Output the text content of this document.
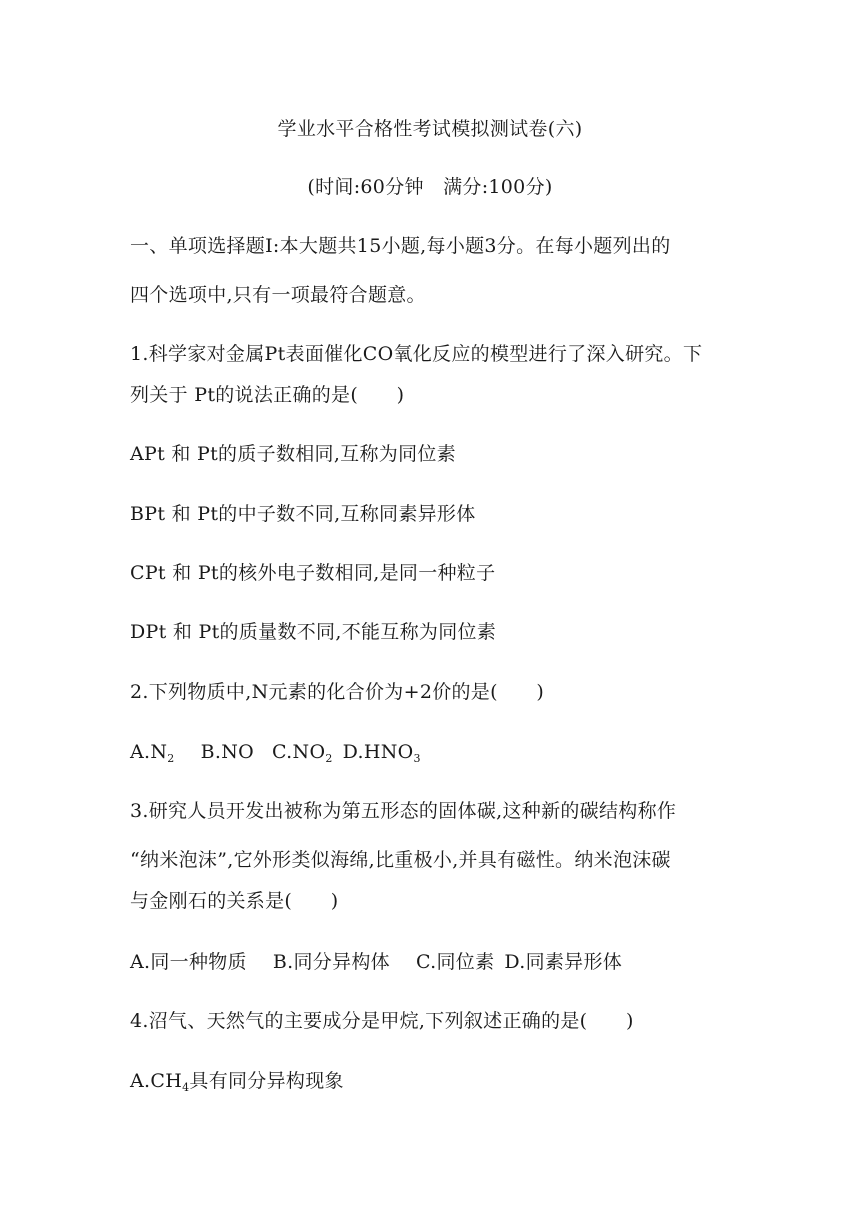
学业水平合格性考试模拟测试卷(六)
(时间:60分钟　满分:100分)
一、单项选择题Ⅰ:本大题共15小题,每小题3分。在每小题列出的
四个选项中,只有一项最符合题意。
1.科学家对金属Pt表面催化CO氧化反应的模型进行了深入研究。下
列关于 Pt的说法正确的是(　　)
APt 和 Pt的质子数相同,互称为同位素
BPt 和 Pt的中子数不同,互称同素异形体
CPt 和 Pt的核外电子数相同,是同一种粒子
DPt 和 Pt的质量数不同,不能互称为同位素
2.下列物质中,N元素的化合价为+2价的是(　　)
$A.N_2$ B.NO $C.NO_2$ $D.HNO_3$
3.研究人员开发出被称为第五形态的固体碳,这种新的碳结构称作
“纳米泡沫”,它外形类似海绵,比重极小,并具有磁性。纳米泡沫碳
与金刚石的关系是(　　)
A.同一种物质 B.同分异构体 C.同位素 D.同素异形体
4.沼气、天然气的主要成分是甲烷,下列叙述正确的是(　　)
$A.CH_4$具有同分异构现象
